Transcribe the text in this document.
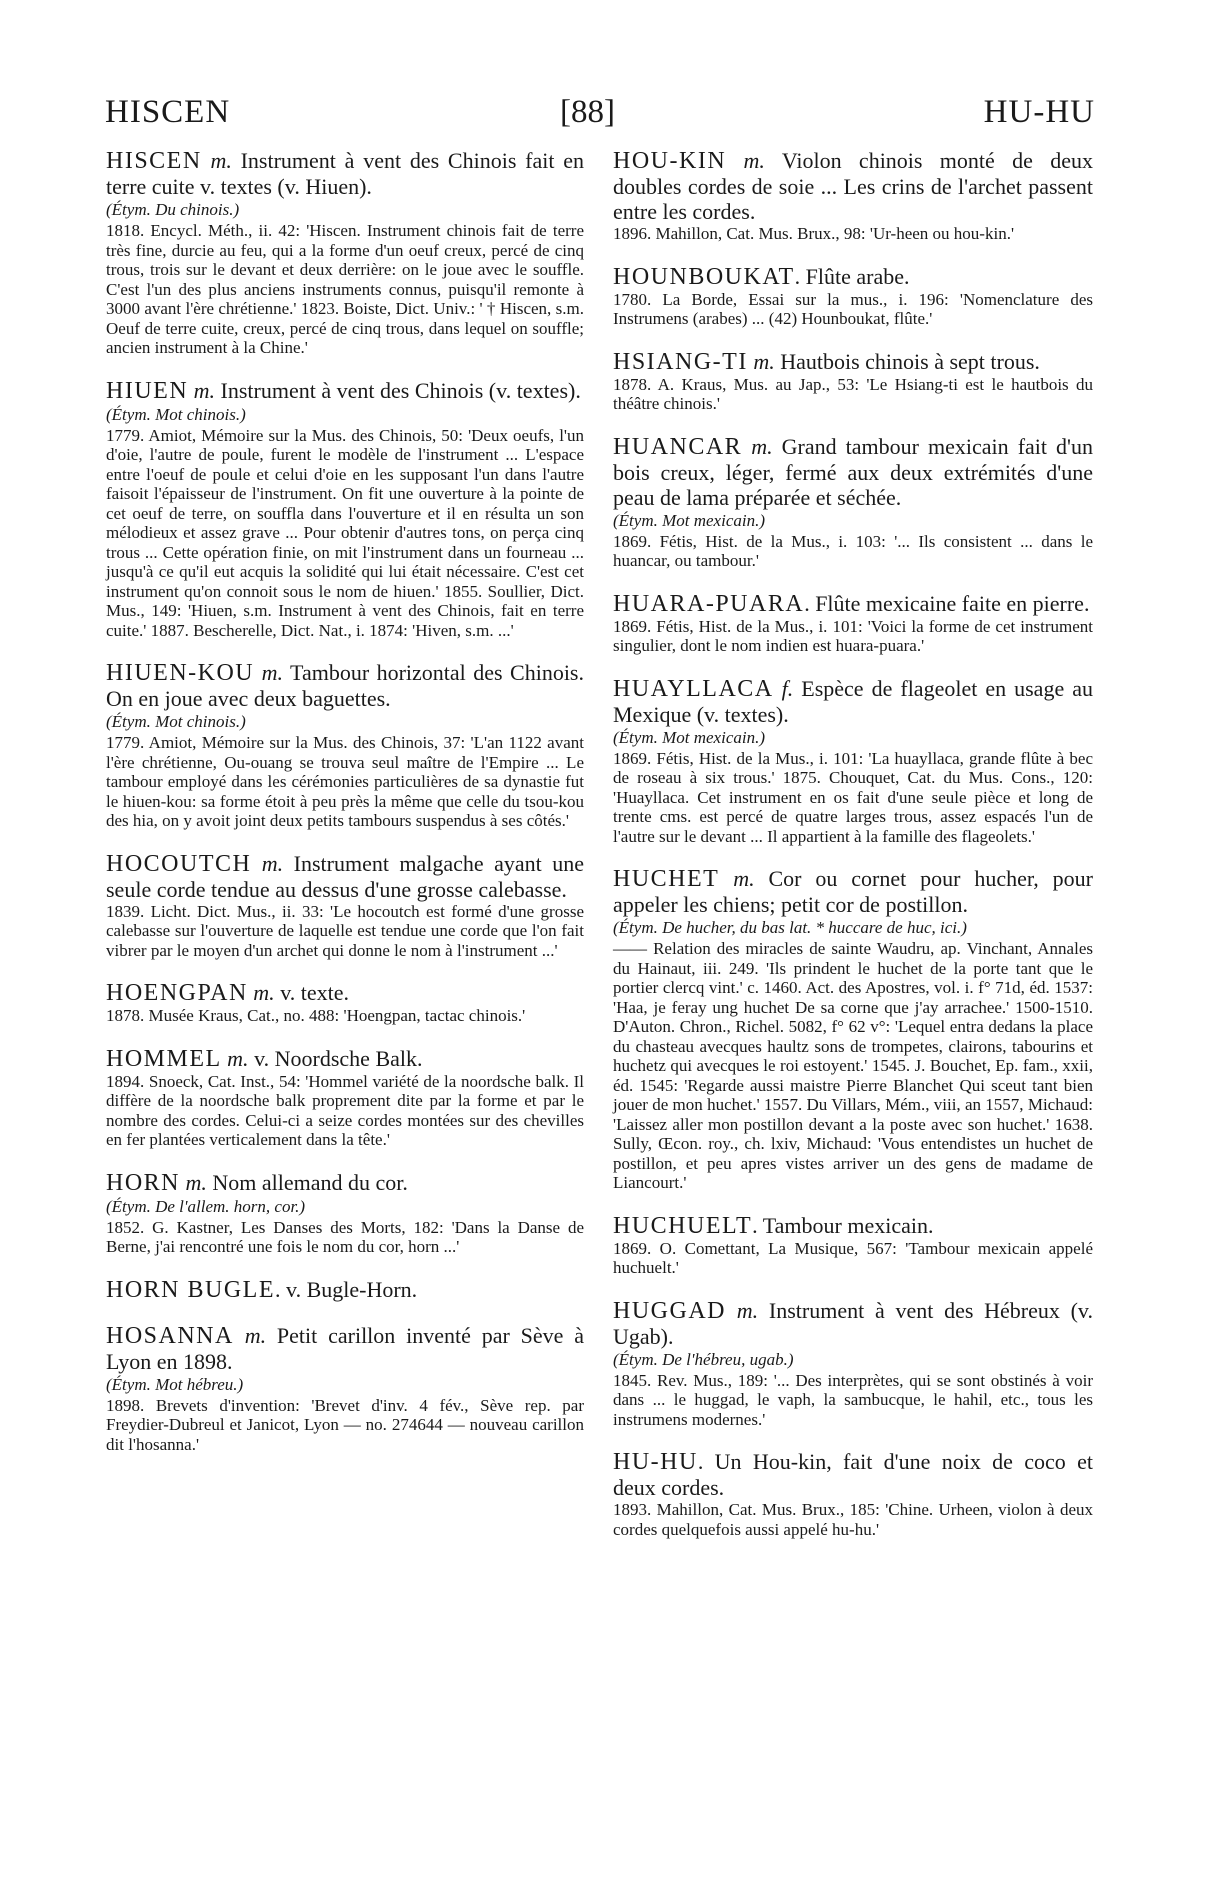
HISCEN	[88]	HU-HU

HISCEN m. Instrument à vent des Chinois fait en terre cuite v. textes (v. Hiuen).

(Étym. Du chinois.)

1818. Encycl. Méth., ii. 42: 'Hiscen. Instrument chinois fait de terre très fine, durcie au feu, qui a la forme d'un oeuf creux, percé de cinq trous, trois sur le devant et deux derrière: on le joue avec le souffle. C'est l'un des plus anciens instruments connus, puisqu'il remonte à 3000 avant l'ère chrétienne.' 1823. Boiste, Dict. Univ.: ' † Hiscen, s.m. Oeuf de terre cuite, creux, percé de cinq trous, dans lequel on souffle; ancien instrument à la Chine.'

HIUEN m. Instrument à vent des Chinois (v. textes).

(Étym. Mot chinois.)

1779. Amiot, Mémoire sur la Mus. des Chinois, 50: 'Deux oeufs, l'un d'oie, l'autre de poule, furent le modèle de l'instrument ... L'espace entre l'oeuf de poule et celui d'oie en les supposant l'un dans l'autre faisoit l'épaisseur de l'instrument. On fit une ouverture à la pointe de cet oeuf de terre, on souffla dans l'ouverture et il en résulta un son mélodieux et assez grave ... Pour obtenir d'autres tons, on perça cinq trous ... Cette opération finie, on mit l'instrument dans un fourneau ... jusqu'à ce qu'il eut acquis la solidité qui lui était nécessaire. C'est cet instrument qu'on connoit sous le nom de hiuen.' 1855. Soullier, Dict. Mus., 149: 'Hiuen, s.m. Instrument à vent des Chinois, fait en terre cuite.' 1887. Bescherelle, Dict. Nat., i. 1874: 'Hiven, s.m. ...'

HIUEN-KOU m. Tambour horizontal des Chinois. On en joue avec deux baguettes.

(Étym. Mot chinois.)

1779. Amiot, Mémoire sur la Mus. des Chinois, 37: 'L'an 1122 avant l'ère chrétienne, Ou-ouang se trouva seul maître de l'Empire ... Le tambour employé dans les cérémonies particulières de sa dynastie fut le hiuen-kou: sa forme étoit à peu près la même que celle du tsou-kou des hia, on y avoit joint deux petits tambours suspendus à ses côtés.'

HOCOUTCH m. Instrument malgache ayant une seule corde tendue au dessus d'une grosse calebasse.

1839. Licht. Dict. Mus., ii. 33: 'Le hocoutch est formé d'une grosse calebasse sur l'ouverture de laquelle est tendue une corde que l'on fait vibrer par le moyen d'un archet qui donne le nom à l'instrument ...'

HOENGPAN m. v. texte.

1878. Musée Kraus, Cat., no. 488: 'Hoengpan, tactac chinois.'

HOMMEL m. v. Noordsche Balk.

1894. Snoeck, Cat. Inst., 54: 'Hommel variété de la noordsche balk. Il diffère de la noordsche balk proprement dite par la forme et par le nombre des cordes. Celui-ci a seize cordes montées sur des chevilles en fer plantées verticalement dans la tête.'

HORN m. Nom allemand du cor.

(Étym. De l'allem. horn, cor.)

1852. G. Kastner, Les Danses des Morts, 182: 'Dans la Danse de Berne, j'ai rencontré une fois le nom du cor, horn ...'

HORN BUGLE. v. Bugle-Horn.

HOSANNA m. Petit carillon inventé par Sève à Lyon en 1898.

(Étym. Mot hébreu.)

1898. Brevets d'invention: 'Brevet d'inv. 4 fév., Sève rep. par Freydier-Dubreul et Janicot, Lyon — no. 274644 — nouveau carillon dit l'hosanna.'

HOU-KIN m. Violon chinois monté de deux doubles cordes de soie ... Les crins de l'archet passent entre les cordes.

1896. Mahillon, Cat. Mus. Brux., 98: 'Ur-heen ou hou-kin.'

HOUNBOUKAT. Flûte arabe.

1780. La Borde, Essai sur la mus., i. 196: 'Nomenclature des Instrumens (arabes) ... (42) Hounboukat, flûte.'

HSIANG-TI m. Hautbois chinois à sept trous.

1878. A. Kraus, Mus. au Jap., 53: 'Le Hsiang-ti est le hautbois du théâtre chinois.'

HUANCAR m. Grand tambour mexicain fait d'un bois creux, léger, fermé aux deux extrémités d'une peau de lama préparée et séchée.

(Étym. Mot mexicain.)

1869. Fétis, Hist. de la Mus., i. 103: '... Ils consistent ... dans le huancar, ou tambour.'

HUARA-PUARA. Flûte mexicaine faite en pierre.

1869. Fétis, Hist. de la Mus., i. 101: 'Voici la forme de cet instrument singulier, dont le nom indien est huara-puara.'

HUAYLLACA f. Espèce de flageolet en usage au Mexique (v. textes).

(Étym. Mot mexicain.)

1869. Fétis, Hist. de la Mus., i. 101: 'La huayllaca, grande flûte à bec de roseau à six trous.' 1875. Chouquet, Cat. du Mus. Cons., 120: 'Huayllaca. Cet instrument en os fait d'une seule pièce et long de trente cms. est percé de quatre larges trous, assez espacés l'un de l'autre sur le devant ... Il appartient à la famille des flageolets.'

HUCHET m. Cor ou cornet pour hucher, pour appeler les chiens; petit cor de postillon.

(Étym. De hucher, du bas lat. * huccare de huc, ici.)

—— Relation des miracles de sainte Waudru, ap. Vinchant, Annales du Hainaut, iii. 249. 'Ils prindent le huchet de la porte tant que le portier clercq vint.' c. 1460. Act. des Apostres, vol. i. f° 71d, éd. 1537: 'Haa, je feray ung huchet De sa corne que j'ay arrachee.' 1500-1510. D'Auton. Chron., Richel. 5082, f° 62 v°: 'Lequel entra dedans la place du chasteau avecques haultz sons de trompetes, clairons, tabourins et huchetz qui avecques le roi estoyent.' 1545. J. Bouchet, Ep. fam., xxii, éd. 1545: 'Regarde aussi maistre Pierre Blanchet Qui sceut tant bien jouer de mon huchet.' 1557. Du Villars, Mém., viii, an 1557, Michaud: 'Laissez aller mon postillon devant a la poste avec son huchet.' 1638. Sully, Œcon. roy., ch. lxiv, Michaud: 'Vous entendistes un huchet de postillon, et peu apres vistes arriver un des gens de madame de Liancourt.'

HUCHUELT. Tambour mexicain.

1869. O. Comettant, La Musique, 567: 'Tambour mexicain appelé huchuelt.'

HUGGAD m. Instrument à vent des Hébreux (v. Ugab).

(Étym. De l'hébreu, ugab.)

1845. Rev. Mus., 189: '... Des interprètes, qui se sont obstinés à voir dans ... le huggad, le vaph, la sambucque, le hahil, etc., tous les instrumens modernes.'

HU-HU. Un Hou-kin, fait d'une noix de coco et deux cordes.

1893. Mahillon, Cat. Mus. Brux., 185: 'Chine. Urheen, violon à deux cordes quelquefois aussi appelé hu-hu.'
